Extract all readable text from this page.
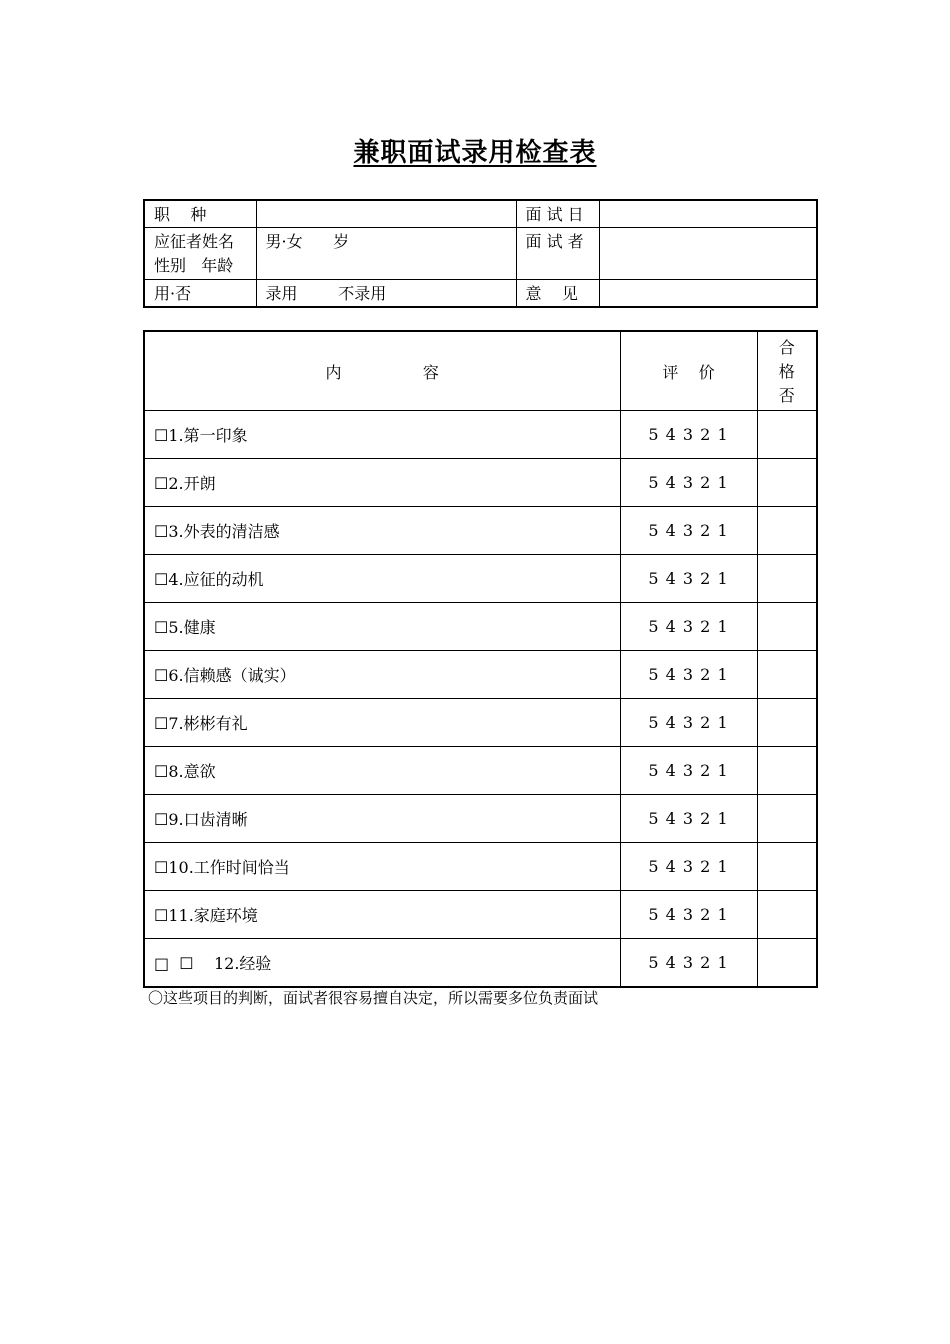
兼职面试录用检查表
职    种		面 试 日	

应征者姓名
性别   年龄	男·女      岁	面 试 者	
用·否	录用        不录用	意    见	
内                容	评    价	合
格
否

☐1.第一印象	5 4 3 2 1	
☐2.开朗	5 4 3 2 1	
☐3.外表的清洁感	5 4 3 2 1	
☐4.应征的动机	5 4 3 2 1	
☐5.健康	5 4 3 2 1	
☐6.信赖感（诚实）	5 4 3 2 1	
☐7.彬彬有礼	5 4 3 2 1	
☐8.意欲	5 4 3 2 1	
☐9.口齿清晰	5 4 3 2 1	
☐10.工作时间恰当	5 4 3 2 1	
☐11.家庭环境	5 4 3 2 1	
□  ☐    12.经验	5 4 3 2 1	
〇这些项目的判断，面试者很容易擅自决定，所以需要多位负责面试
